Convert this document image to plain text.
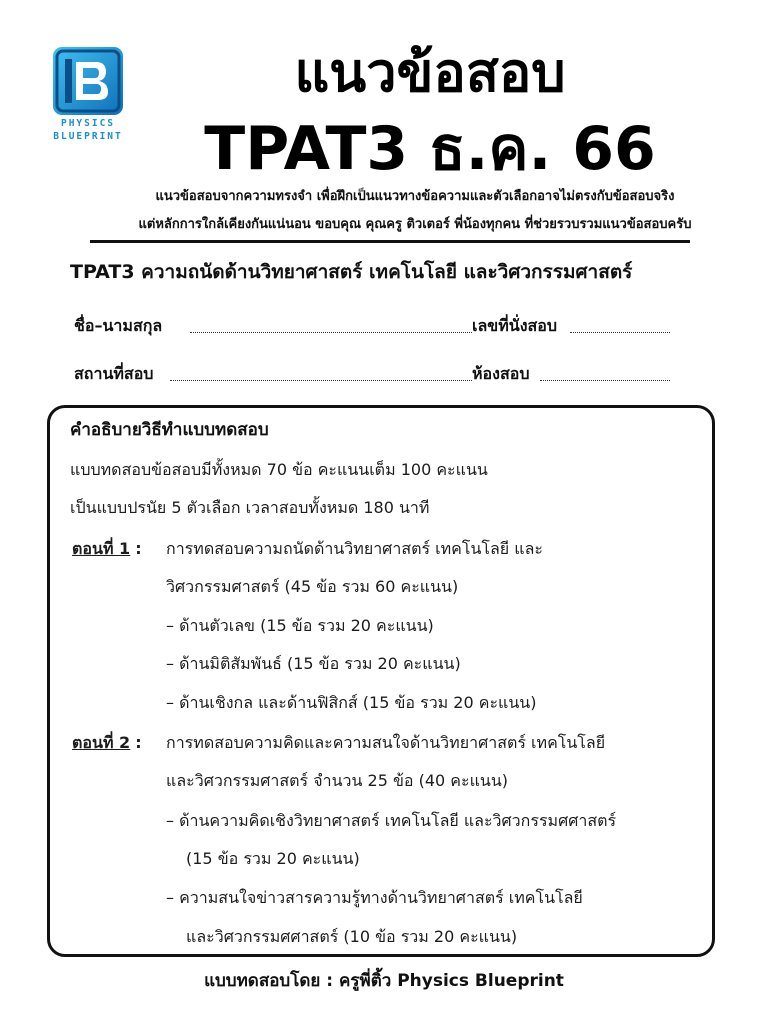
PHYSICS
BLUEPRINT
แนวข้อสอบ
TPAT3 ธ.ค. 66
แนวข้อสอบจากความทรงจำ เพื่อฝึกเป็นแนวทางข้อความและตัวเลือกอาจไม่ตรงกับข้อสอบจริง
แต่หลักการใกล้เคียงกันแน่นอน ขอบคุณ คุณครู ติวเตอร์ พี่น้องทุกคน ที่ช่วยรวบรวมแนวข้อสอบครับ
TPAT3 ความถนัดด้านวิทยาศาสตร์ เทคโนโลยี และวิศวกรรมศาสตร์
ชื่อ–นามสกุล	เลขที่นั่งสอบ
สถานที่สอบ	ห้องสอบ
คำอธิบายวิธีทำแบบทดสอบ
แบบทดสอบข้อสอบมีทั้งหมด 70 ข้อ คะแนนเต็ม 100 คะแนน
เป็นแบบปรนัย 5 ตัวเลือก เวลาสอบทั้งหมด 180 นาที
ตอนที่ 1 : การทดสอบความถนัดด้านวิทยาศาสตร์ เทคโนโลยี และ
วิศวกรรมศาสตร์ (45 ข้อ รวม 60 คะแนน)
– ด้านตัวเลข (15 ข้อ รวม 20 คะแนน)
– ด้านมิติสัมพันธ์ (15 ข้อ รวม 20 คะแนน)
– ด้านเชิงกล และด้านฟิสิกส์ (15 ข้อ รวม 20 คะแนน)
ตอนที่ 2 : การทดสอบความคิดและความสนใจด้านวิทยาศาสตร์ เทคโนโลยี
และวิศวกรรมศาสตร์ จำนวน 25 ข้อ (40 คะแนน)
– ด้านความคิดเชิงวิทยาศาสตร์ เทคโนโลยี และวิศวกรรมศศาสตร์
(15 ข้อ รวม 20 คะแนน)
– ความสนใจข่าวสารความรู้ทางด้านวิทยาศาสตร์ เทคโนโลยี
และวิศวกรรมศศาสตร์ (10 ข้อ รวม 20 คะแนน)
แบบทดสอบโดย : ครูพี่ติ้ว Physics Blueprint
